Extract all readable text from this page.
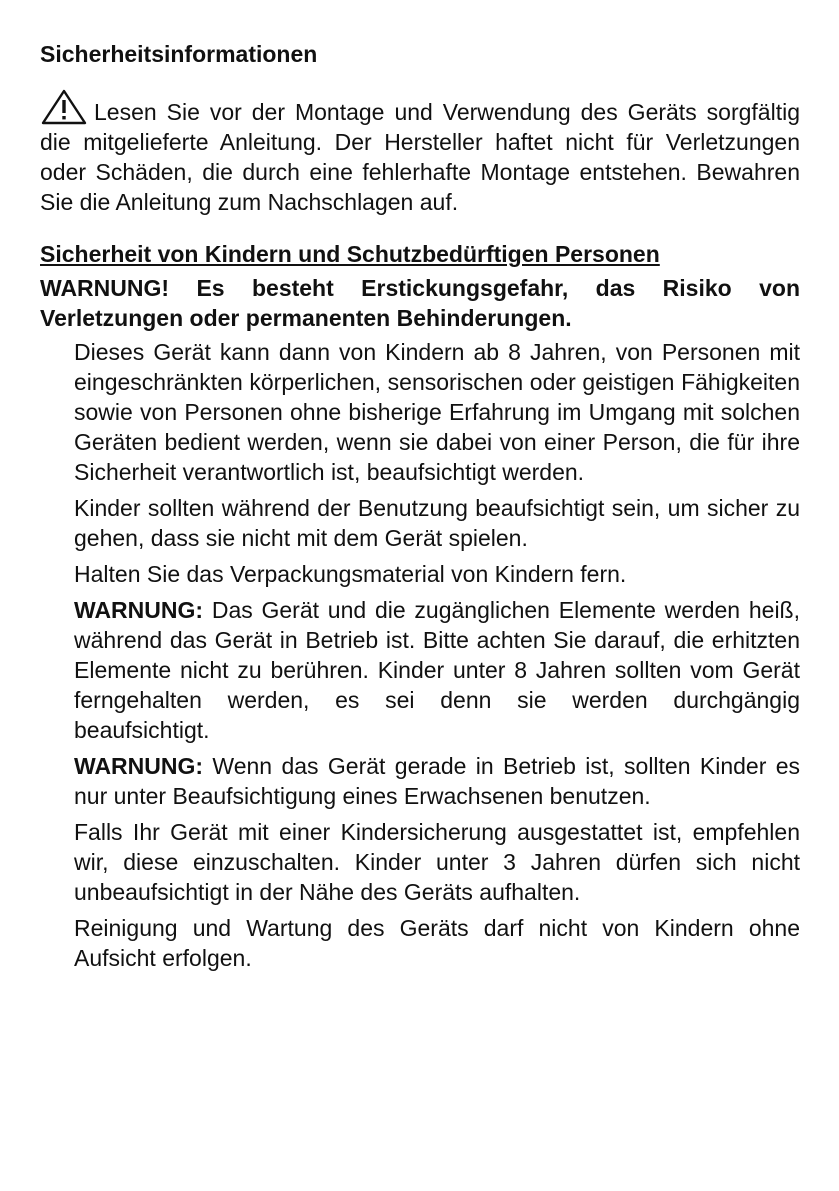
Sicherheitsinformationen

Lesen Sie vor der Montage und Verwendung des Geräts sorgfältig die mitgelieferte Anleitung. Der Hersteller haftet nicht für Verletzungen oder Schäden, die durch eine fehlerhafte Montage entstehen. Bewahren Sie die Anleitung zum Nachschlagen auf.

Sicherheit von Kindern und Schutzbedürftigen Personen

WARNUNG! Es besteht Erstickungsgefahr, das Risiko von Verletzungen oder permanenten Behinderungen.

Dieses Gerät kann dann von Kindern ab 8 Jahren, von Personen mit eingeschränkten körperlichen, sensorischen oder geistigen Fähigkeiten sowie von Personen ohne bisherige Erfahrung im Umgang mit solchen Geräten bedient werden, wenn sie dabei von einer Person, die für ihre Sicherheit verantwortlich ist, beaufsichtigt werden.
Kinder sollten während der Benutzung beaufsichtigt sein, um sicher zu gehen, dass sie nicht mit dem Gerät spielen.
Halten Sie das Verpackungsmaterial von Kindern fern.
WARNUNG: Das Gerät und die zugänglichen Elemente werden heiß, während das Gerät in Betrieb ist. Bitte achten Sie darauf, die erhitzten Elemente nicht zu berühren. Kinder unter 8 Jahren sollten vom Gerät ferngehalten werden, es sei denn sie werden durchgängig beaufsichtigt.
WARNUNG: Wenn das Gerät gerade in Betrieb ist, sollten Kinder es nur unter Beaufsichtigung eines Erwachsenen benutzen.
Falls Ihr Gerät mit einer Kindersicherung ausgestattet ist, empfehlen wir, diese einzuschalten. Kinder unter 3 Jahren dürfen sich nicht unbeaufsichtigt in der Nähe des Geräts aufhalten.
Reinigung und Wartung des Geräts darf nicht von Kindern ohne Aufsicht erfolgen.
